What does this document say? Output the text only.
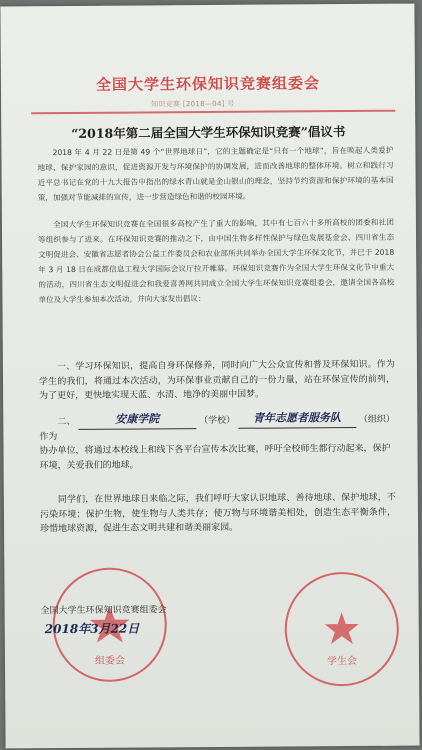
全国大学生环保知识竞赛组委会
知识竞赛 [2018—04] 号
“2018年第二届全国大学生环保知识竞赛”倡议书
2018 年 4 月 22 日是第 49 个“世界地球日”，它的主题确定是“只有一个地球”，旨在唤起人类爱护地球、保护家园的意识，促进资源开发与环境保护的协调发展，进而改善地球的整体环境。树立和践行习近平总书记在党的十九大报告中指出的绿水青山就是金山银山的理念，坚持节约资源和保护环境的基本国策，加强对节能减排的宣传，进一步营造绿色和谐的校园环境。
全国大学生环保知识竞赛在全国很多高校产生了重大的影响，其中有七百六十多所高校的团委和社团等组织参与了进来。在环保知识竞赛的推动之下，由中国生物多样性保护与绿色发展基金会、四川省生态文明促进会、安徽省志愿者协会公益工作委员会和农业部所共同举办全国大学生环保文化节，并已于 2018 年 3 月 18 日在成都信息工程大学国际会议厅拉开帷幕。环保知识竞赛作为全国大学生环保文化节中重大的活动，四川省生态文明促进会和我爱喜善网共同成立全国大学生环保知识竞赛组委会，邀请全国各高校单位及大学生参加本次活动，并向大家发出倡议：
一、学习环保知识，提高自身环保修养，同时向广大公众宣传和普及环保知识。作为学生的我们，将通过本次活动，为环保事业贡献自己的一份力量，站在环保宣传的前列，为了更好，更快地实现天蓝、水清、地净的美丽中国梦。
二、	安康学院	（学校） 青年志愿者服务队 （组织）作为
协办单位，将通过本校线上和线下各平台宣传本次比赛，呼吁全校师生都行动起来，保护环境，关爱我们的地球。
同学们，在世界地球日来临之际，我们呼吁大家认识地球、善待地球、保护地球，不污染环境；保护生物，使生物与人类共存；使万物与环境谐美相处，创造生态平衡条件，珍惜地球资源，促进生态文明共建和谐美丽家园。
组委会
全国大学生环保知识竞赛组委会
2018年3月22日
学生会
